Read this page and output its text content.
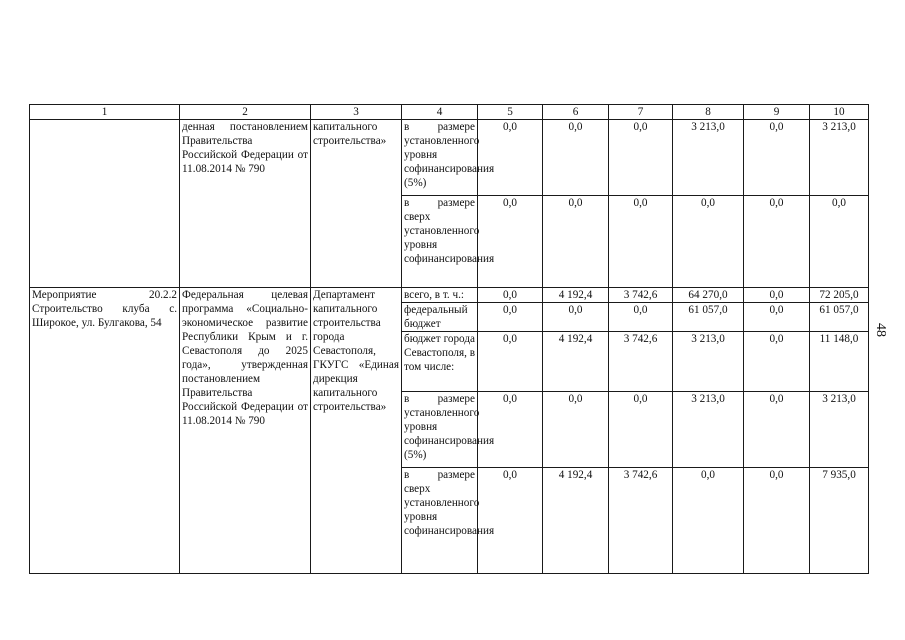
1	2	3	4	5	6	7	8	9	10
	денная постановлением Правительства Российской Федерации от 11.08.2014 № 790	капитального строительства»	в размере установленного уровня софинансирования (5%)	0,0	0,0	0,0	3 213,0	0,0	3 213,0
			в размере сверх установленного уровня софинансирования	0,0	0,0	0,0	0,0	0,0	0,0
Мероприятие 20.2.2 Строительство клуба с. Широкое, ул. Булгакова, 54	Федеральная целевая программа «Социально-экономическое развитие Республики Крым и г. Севастополя до 2025 года», утвержденная постановлением Правительства Российской Федерации от 11.08.2014 № 790	Департамент капитального строительства города Севастополя, ГКУГС «Единая дирекция капитального строительства»	всего, в т. ч.:	0,0	4 192,4	3 742,6	64 270,0	0,0	72 205,0
			федеральный бюджет	0,0	0,0	0,0	61 057,0	0,0	61 057,0
			бюджет города Севастополя, в том числе:	0,0	4 192,4	3 742,6	3 213,0	0,0	11 148,0
			в размере установленного уровня софинансирования (5%)	0,0	0,0	0,0	3 213,0	0,0	3 213,0
			в размере сверх установленного уровня софинансирования	0,0	4 192,4	3 742,6	0,0	0,0	7 935,0
48
